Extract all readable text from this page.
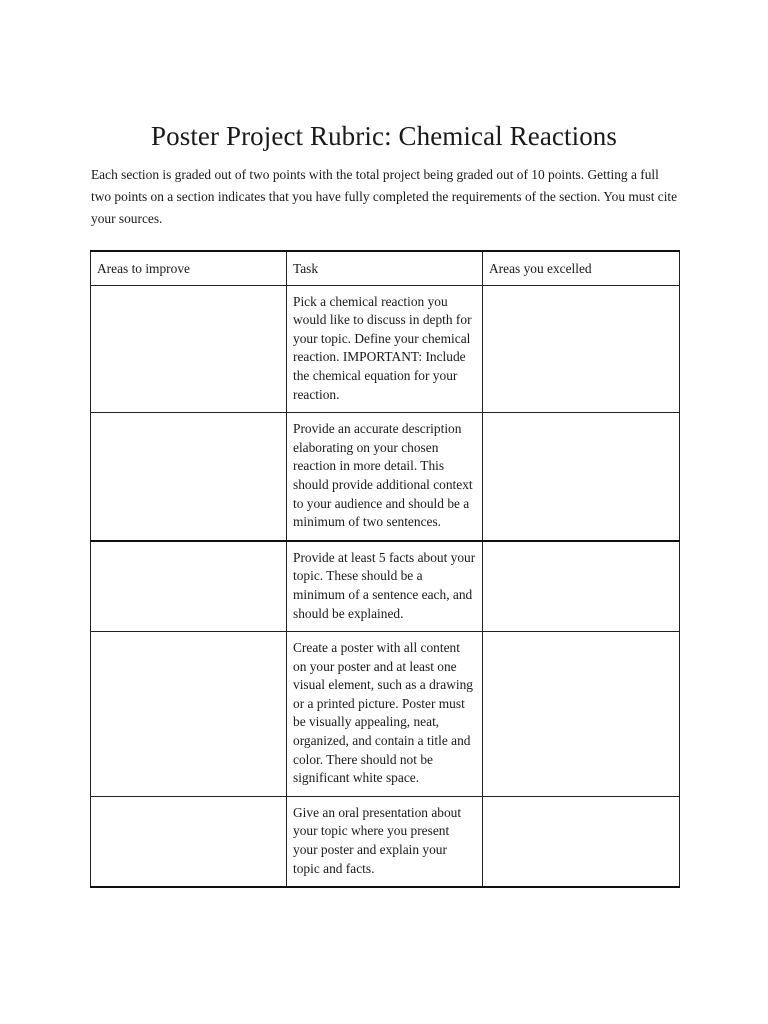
Poster Project Rubric: Chemical Reactions

Each section is graded out of two points with the total project being graded out of 10 points. Getting a full two points on a section indicates that you have fully completed the requirements of the section. You must cite your sources.

Areas to improve	Task	Areas you excelled
	Pick a chemical reaction you would like to discuss in depth for your topic. Define your chemical reaction. IMPORTANT: Include the chemical equation for your reaction.	
	Provide an accurate description elaborating on your chosen reaction in more detail. This should provide additional context to your audience and should be a minimum of two sentences.	
	Provide at least 5 facts about your topic. These should be a minimum of a sentence each, and should be explained.	
	Create a poster with all content on your poster and at least one visual element, such as a drawing or a printed picture. Poster must be visually appealing, neat, organized, and contain a title and color. There should not be significant white space.	
	Give an oral presentation about your topic where you present your poster and explain your topic and facts.	
